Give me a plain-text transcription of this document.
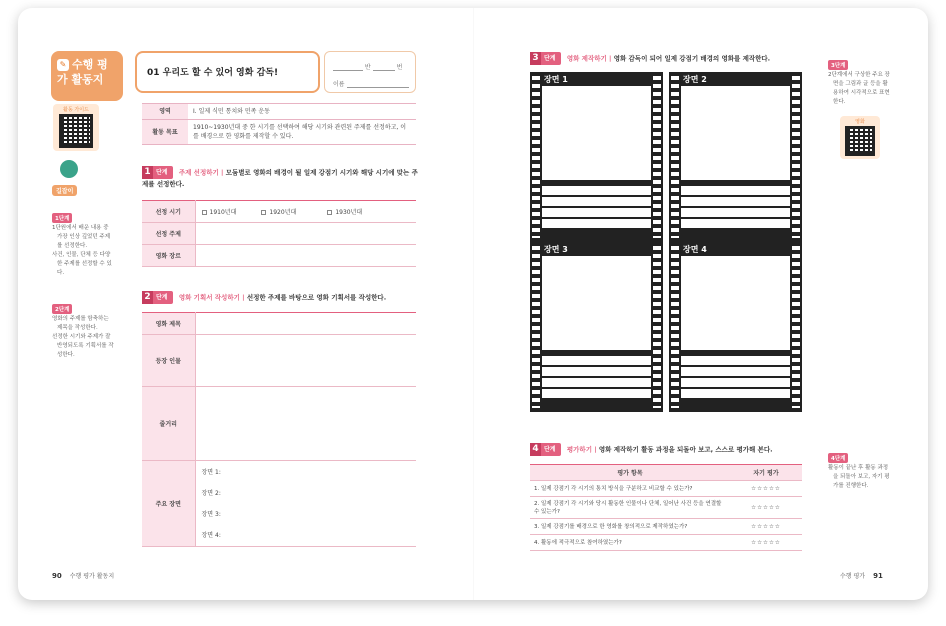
✎ 수행 평가 활동지	01 우리도 할 수 있어 영화 감독!
반	번
이름
활동 가이드	영역	Ⅰ. 일제 식민 통치와 민족 운동
활동 목표	1910~1930년대 중 한 시기를 선택하여 해당 시기와 관련된 주제를 선정하고, 이를 배경으로 한 영화를 제작할 수 있다.
길잡이
1단계
1단원에서 배운 내용 중 가장 인상 깊었던 주제를 선정한다.
사건, 인물, 단체 등 다양한 주제를 선정할 수 있다.
2단계
영화의 주제를 함축하는 제목을 작성한다.
선정한 시기와 주제가 잘 반영되도록 기획서를 작성한다.
1 단계 주제 선정하기 | 모둠별로 영화의 배경이 될 일제 강점기 시기와 해당 시기에 맞는 주제를 선정한다.
선정 시기	1910년대 1920년대 1930년대
선정 주제	
영화 장르	
2 단계 영화 기획서 작성하기 | 선정한 주제를 바탕으로 영화 기획서를 작성한다.
영화 제목	
등장 인물	
줄거리	
주요 장면	장면 1:
장면 2:
장면 3:
장면 4:
90 수행 평가 활동지
3 단계 영화 제작하기 | 영화 감독이 되어 일제 강점기 배경의 영화를 제작한다.
장면 1	장면 2
장면 3	장면 4
3단계
2단계에서 구상한 주요 장면을 그림과 글 등을 활용하여 시각적으로 표현한다.
영화
4단계
활동이 끝난 후 활동 과정을 되돌아 보고, 자기 평가를 진행한다.
4 단계 평가하기 | 영화 제작하기 활동 과정을 되돌아 보고, 스스로 평가해 본다.
평가 항목	자기 평가
1. 일제 강점기 각 시기의 통치 방식을 구분하고 비교할 수 있는가?	☆☆☆☆☆
2. 일제 강점기 각 시기와 당시 활동한 인물이나 단체, 일어난 사건 등을 연결할 수 있는가?	☆☆☆☆☆
3. 일제 강점기를 배경으로 한 영화를 창의적으로 제작하였는가?	☆☆☆☆☆
4. 활동에 적극적으로 참여하였는가?	☆☆☆☆☆
수행 평가 91
